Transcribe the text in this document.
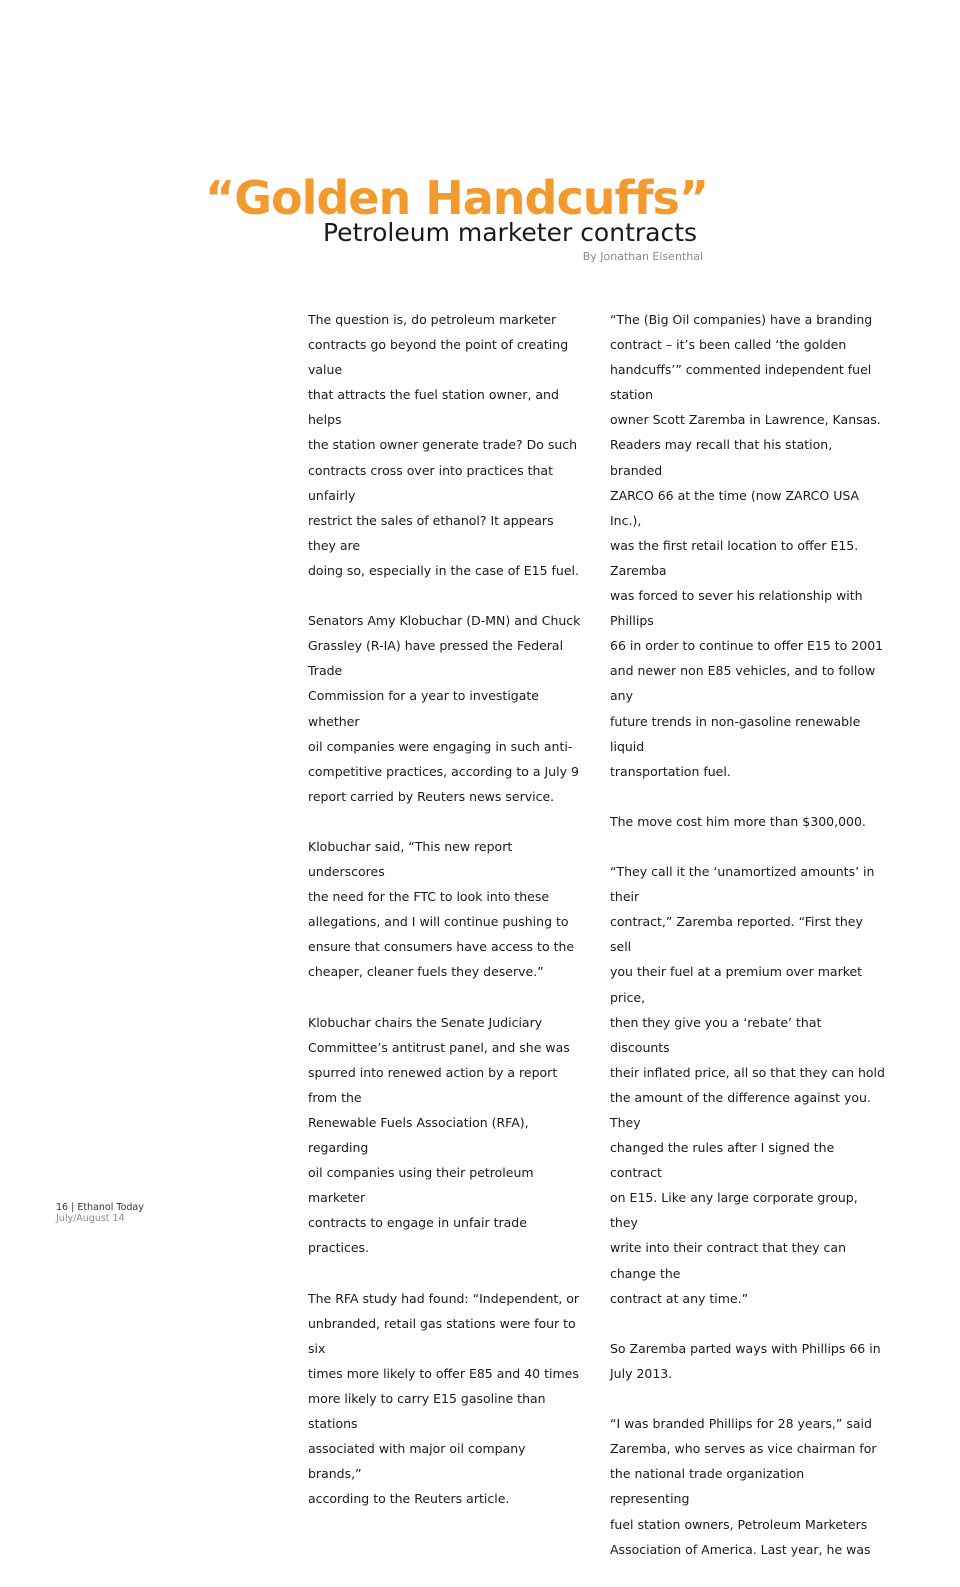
“Golden Handcuffs”
Petroleum marketer contracts
By Jonathan Eisenthal

The question is, do petroleum marketer
contracts go beyond the point of creating value
that attracts the fuel station owner, and helps
the station owner generate trade? Do such
contracts cross over into practices that unfairly
restrict the sales of ethanol? It appears they are
doing so, especially in the case of E15 fuel.

Senators Amy Klobuchar (D-MN) and Chuck
Grassley (R-IA) have pressed the Federal Trade
Commission for a year to investigate whether
oil companies were engaging in such anti-
competitive practices, according to a July 9
report carried by Reuters news service.

Klobuchar said, “This new report underscores
the need for the FTC to look into these
allegations, and I will continue pushing to
ensure that consumers have access to the
cheaper, cleaner fuels they deserve.”

Klobuchar chairs the Senate Judiciary
Committee’s antitrust panel, and she was
spurred into renewed action by a report from the
Renewable Fuels Association (RFA), regarding
oil companies using their petroleum marketer
contracts to engage in unfair trade practices.

The RFA study had found: “Independent, or
unbranded, retail gas stations were four to six
times more likely to offer E85 and 40 times
more likely to carry E15 gasoline than stations
associated with major oil company brands,”
according to the Reuters article.

“The (Big Oil companies) have a branding
contract – it’s been called ‘the golden
handcuffs’” commented independent fuel station
owner Scott Zaremba in Lawrence, Kansas.
Readers may recall that his station, branded
ZARCO 66 at the time (now ZARCO USA Inc.),
was the first retail location to offer E15. Zaremba
was forced to sever his relationship with Phillips
66 in order to continue to offer E15 to 2001
and newer non E85 vehicles, and to follow any
future trends in non-gasoline renewable liquid
transportation fuel.

The move cost him more than $300,000.

“They call it the ‘unamortized amounts’ in their
contract,” Zaremba reported. “First they sell
you their fuel at a premium over market price,
then they give you a ‘rebate’ that discounts
their inflated price, all so that they can hold
the amount of the difference against you. They
changed the rules after I signed the contract
on E15. Like any large corporate group, they
write into their contract that they can change the
contract at any time.”

So Zaremba parted ways with Phillips 66 in
July 2013.

“I was branded Phillips for 28 years,” said
Zaremba, who serves as vice chairman for
the national trade organization representing
fuel station owners, Petroleum Marketers
Association of America. Last year, he was

16 | Ethanol Today
July/August 14
